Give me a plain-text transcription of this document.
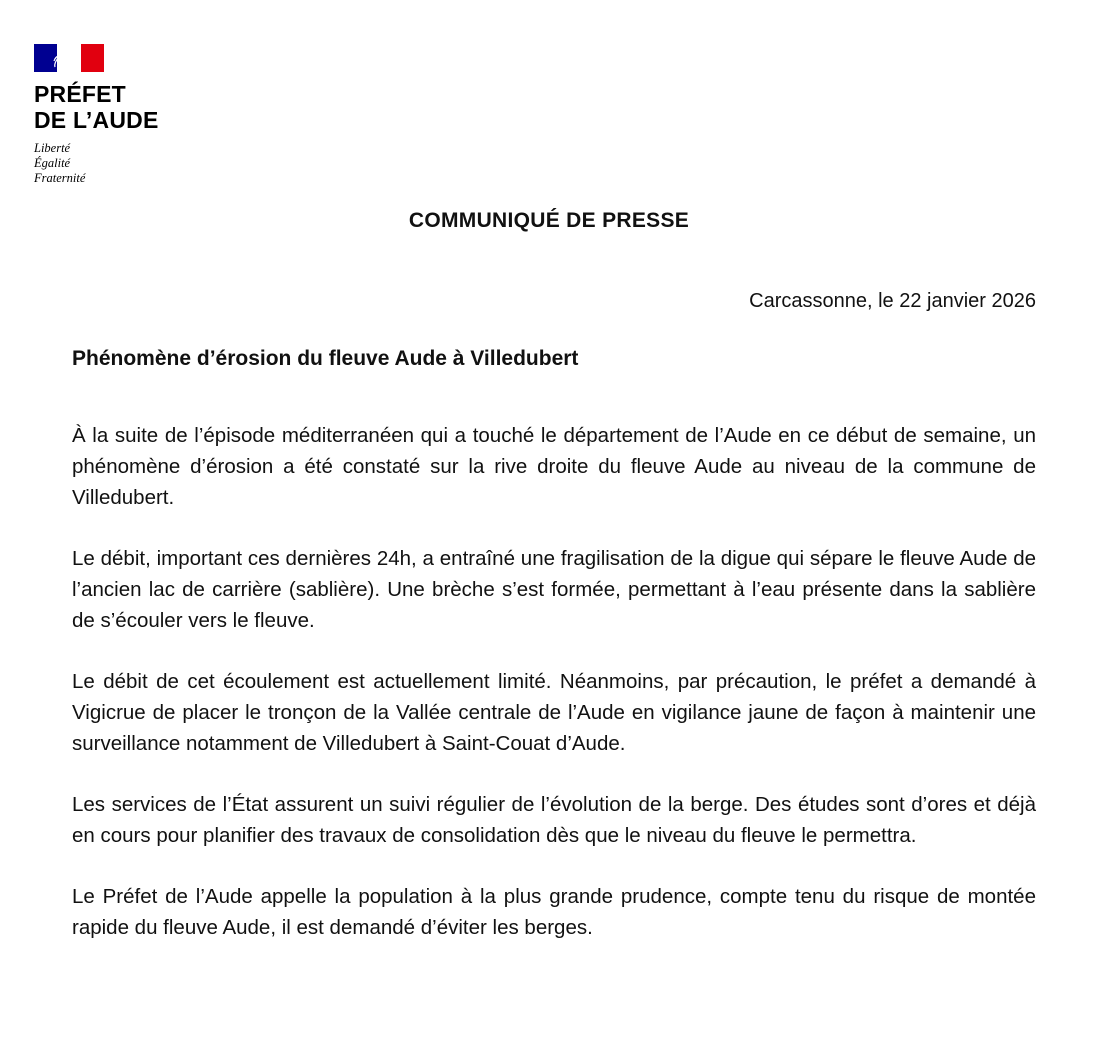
PRÉFET
DE L’AUDE
Liberté
Égalité
Fraternité
COMMUNIQUÉ DE PRESSE
Carcassonne, le 22 janvier 2026
Phénomène d’érosion du fleuve Aude à Villedubert

À la suite de l’épisode méditerranéen qui a touché le département de l’Aude en ce début de semaine, un phénomène d’érosion a été constaté sur la rive droite du fleuve Aude au niveau de la commune de Villedubert.

Le débit, important ces dernières 24h, a entraîné une fragilisation de la digue qui sépare le fleuve Aude de l’ancien lac de carrière (sablière). Une brèche s’est formée, permettant à l’eau présente dans la sablière de s’écouler vers le fleuve.

Le débit de cet écoulement est actuellement limité. Néanmoins, par précaution, le préfet a demandé à Vigicrue de placer le tronçon de la Vallée centrale de l’Aude en vigilance jaune de façon à maintenir une surveillance notamment de Villedubert à Saint-Couat d’Aude.

Les services de l’État assurent un suivi régulier de l’évolution de la berge. Des études sont d’ores et déjà en cours pour planifier des travaux de consolidation dès que le niveau du fleuve le permettra.

Le Préfet de l’Aude appelle la population à la plus grande prudence, compte tenu du risque de montée rapide du fleuve Aude, il est demandé d’éviter les berges.
